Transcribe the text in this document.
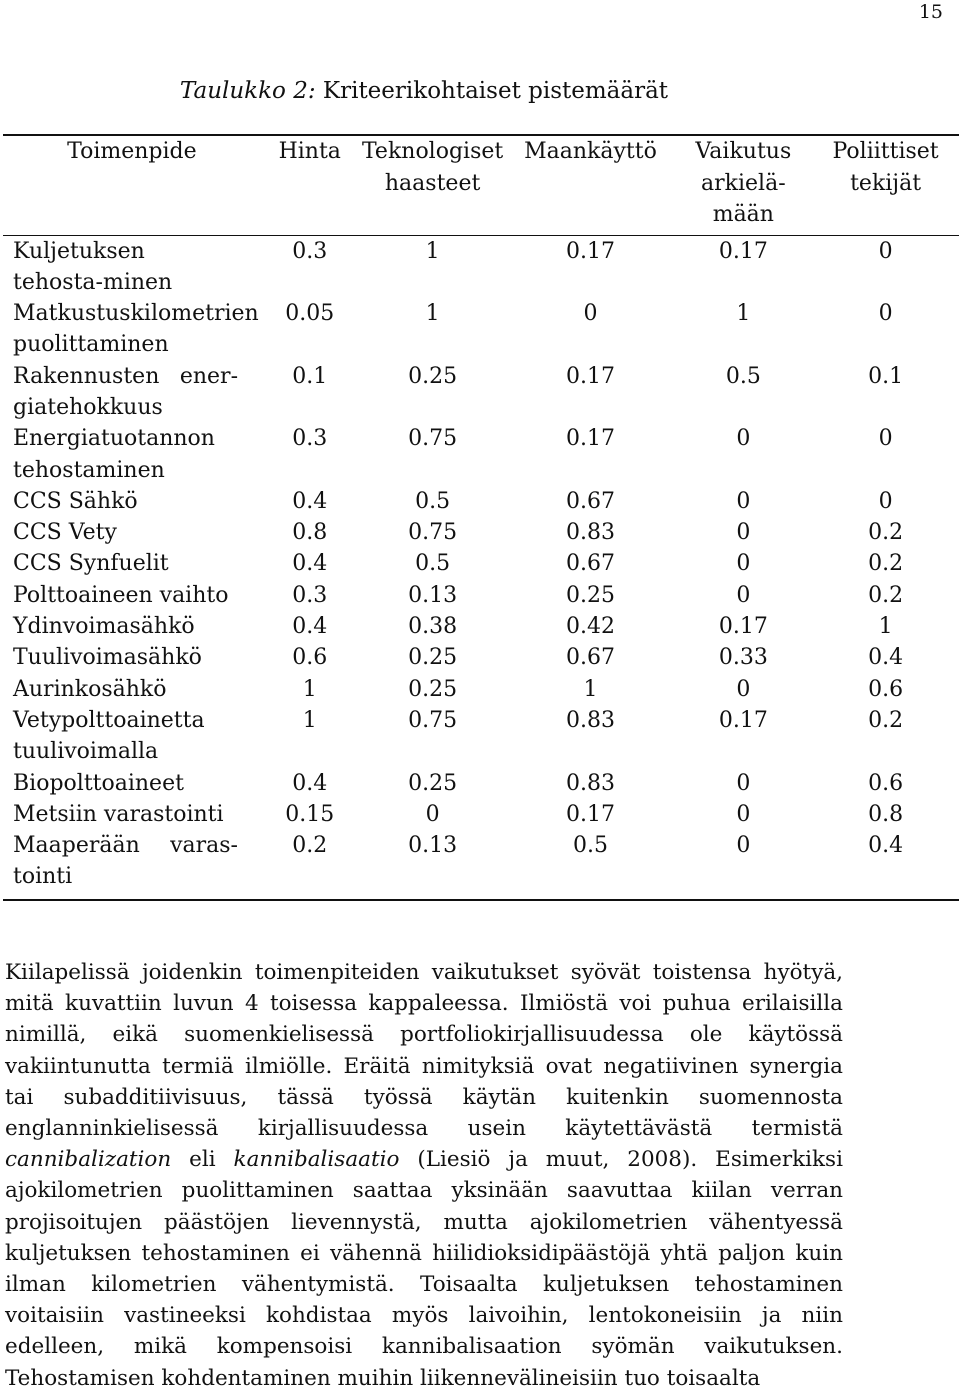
15
Taulukko 2: Kriteerikohtaiset pistemäärät
Toimenpide	Hinta	Teknologiset haasteet	Maankäyttö	Vaikutus arkielä-mään	Poliittiset tekijät

Kuljetuksen tehosta-minen	0.3	1	0.17	0.17	0

Matkustuskilometrien puolittaminen	0.05	1	0	1	0

Rakennusten ener-giatehokkuus	0.1	0.25	0.17	0.5	0.1

Energiatuotannon tehostaminen	0.3	0.75	0.17	0	0

CCS Sähkö	0.4	0.5	0.67	0	0

CCS Vety	0.8	0.75	0.83	0	0.2

CCS Synfuelit	0.4	0.5	0.67	0	0.2

Polttoaineen vaihto	0.3	0.13	0.25	0	0.2

Ydinvoimasähkö	0.4	0.38	0.42	0.17	1

Tuulivoimasähkö	0.6	0.25	0.67	0.33	0.4

Aurinkosähkö	1	0.25	1	0	0.6

Vetypolttoainetta tuulivoimalla	1	0.75	0.83	0.17	0.2

Biopolttoaineet	0.4	0.25	0.83	0	0.6

Metsiin varastointi	0.15	0	0.17	0	0.8

Maaperään varas-tointi	0.2	0.13	0.5	0	0.4

Kiilapelissä joidenkin toimenpiteiden vaikutukset syövät toistensa hyötyä, mitä kuvattiin luvun 4 toisessa kappaleessa. Ilmiöstä voi puhua erilaisilla nimillä, eikä suomenkielisessä portfoliokirjallisuudessa ole käytössä vakiintunutta termiä ilmiölle. Eräitä nimityksiä ovat negatiivinen synergia tai subadditiivisuus, tässä työssä käytän kuitenkin suomennosta englanninkielisessä kirjallisuudessa usein käytettävästä termistä cannibalization eli kannibalisaatio (Liesiö ja muut, 2008). Esimerkiksi ajokilometrien puolittaminen saattaa yksinään saavuttaa kiilan verran projisoitujen päästöjen lievennystä, mutta ajokilometrien vähentyessä kuljetuksen tehostaminen ei vähennä hiilidioksidipäästöjä yhtä paljon kuin ilman kilometrien vähentymistä. Toisaalta kuljetuksen tehostaminen voitaisiin vastineeksi kohdistaa myös laivoihin, lentokoneisiin ja niin edelleen, mikä kompensoisi kannibalisaation syömän vaikutuksen. Tehostamisen kohdentaminen muihin liikennevälineisiin tuo toisaalta
